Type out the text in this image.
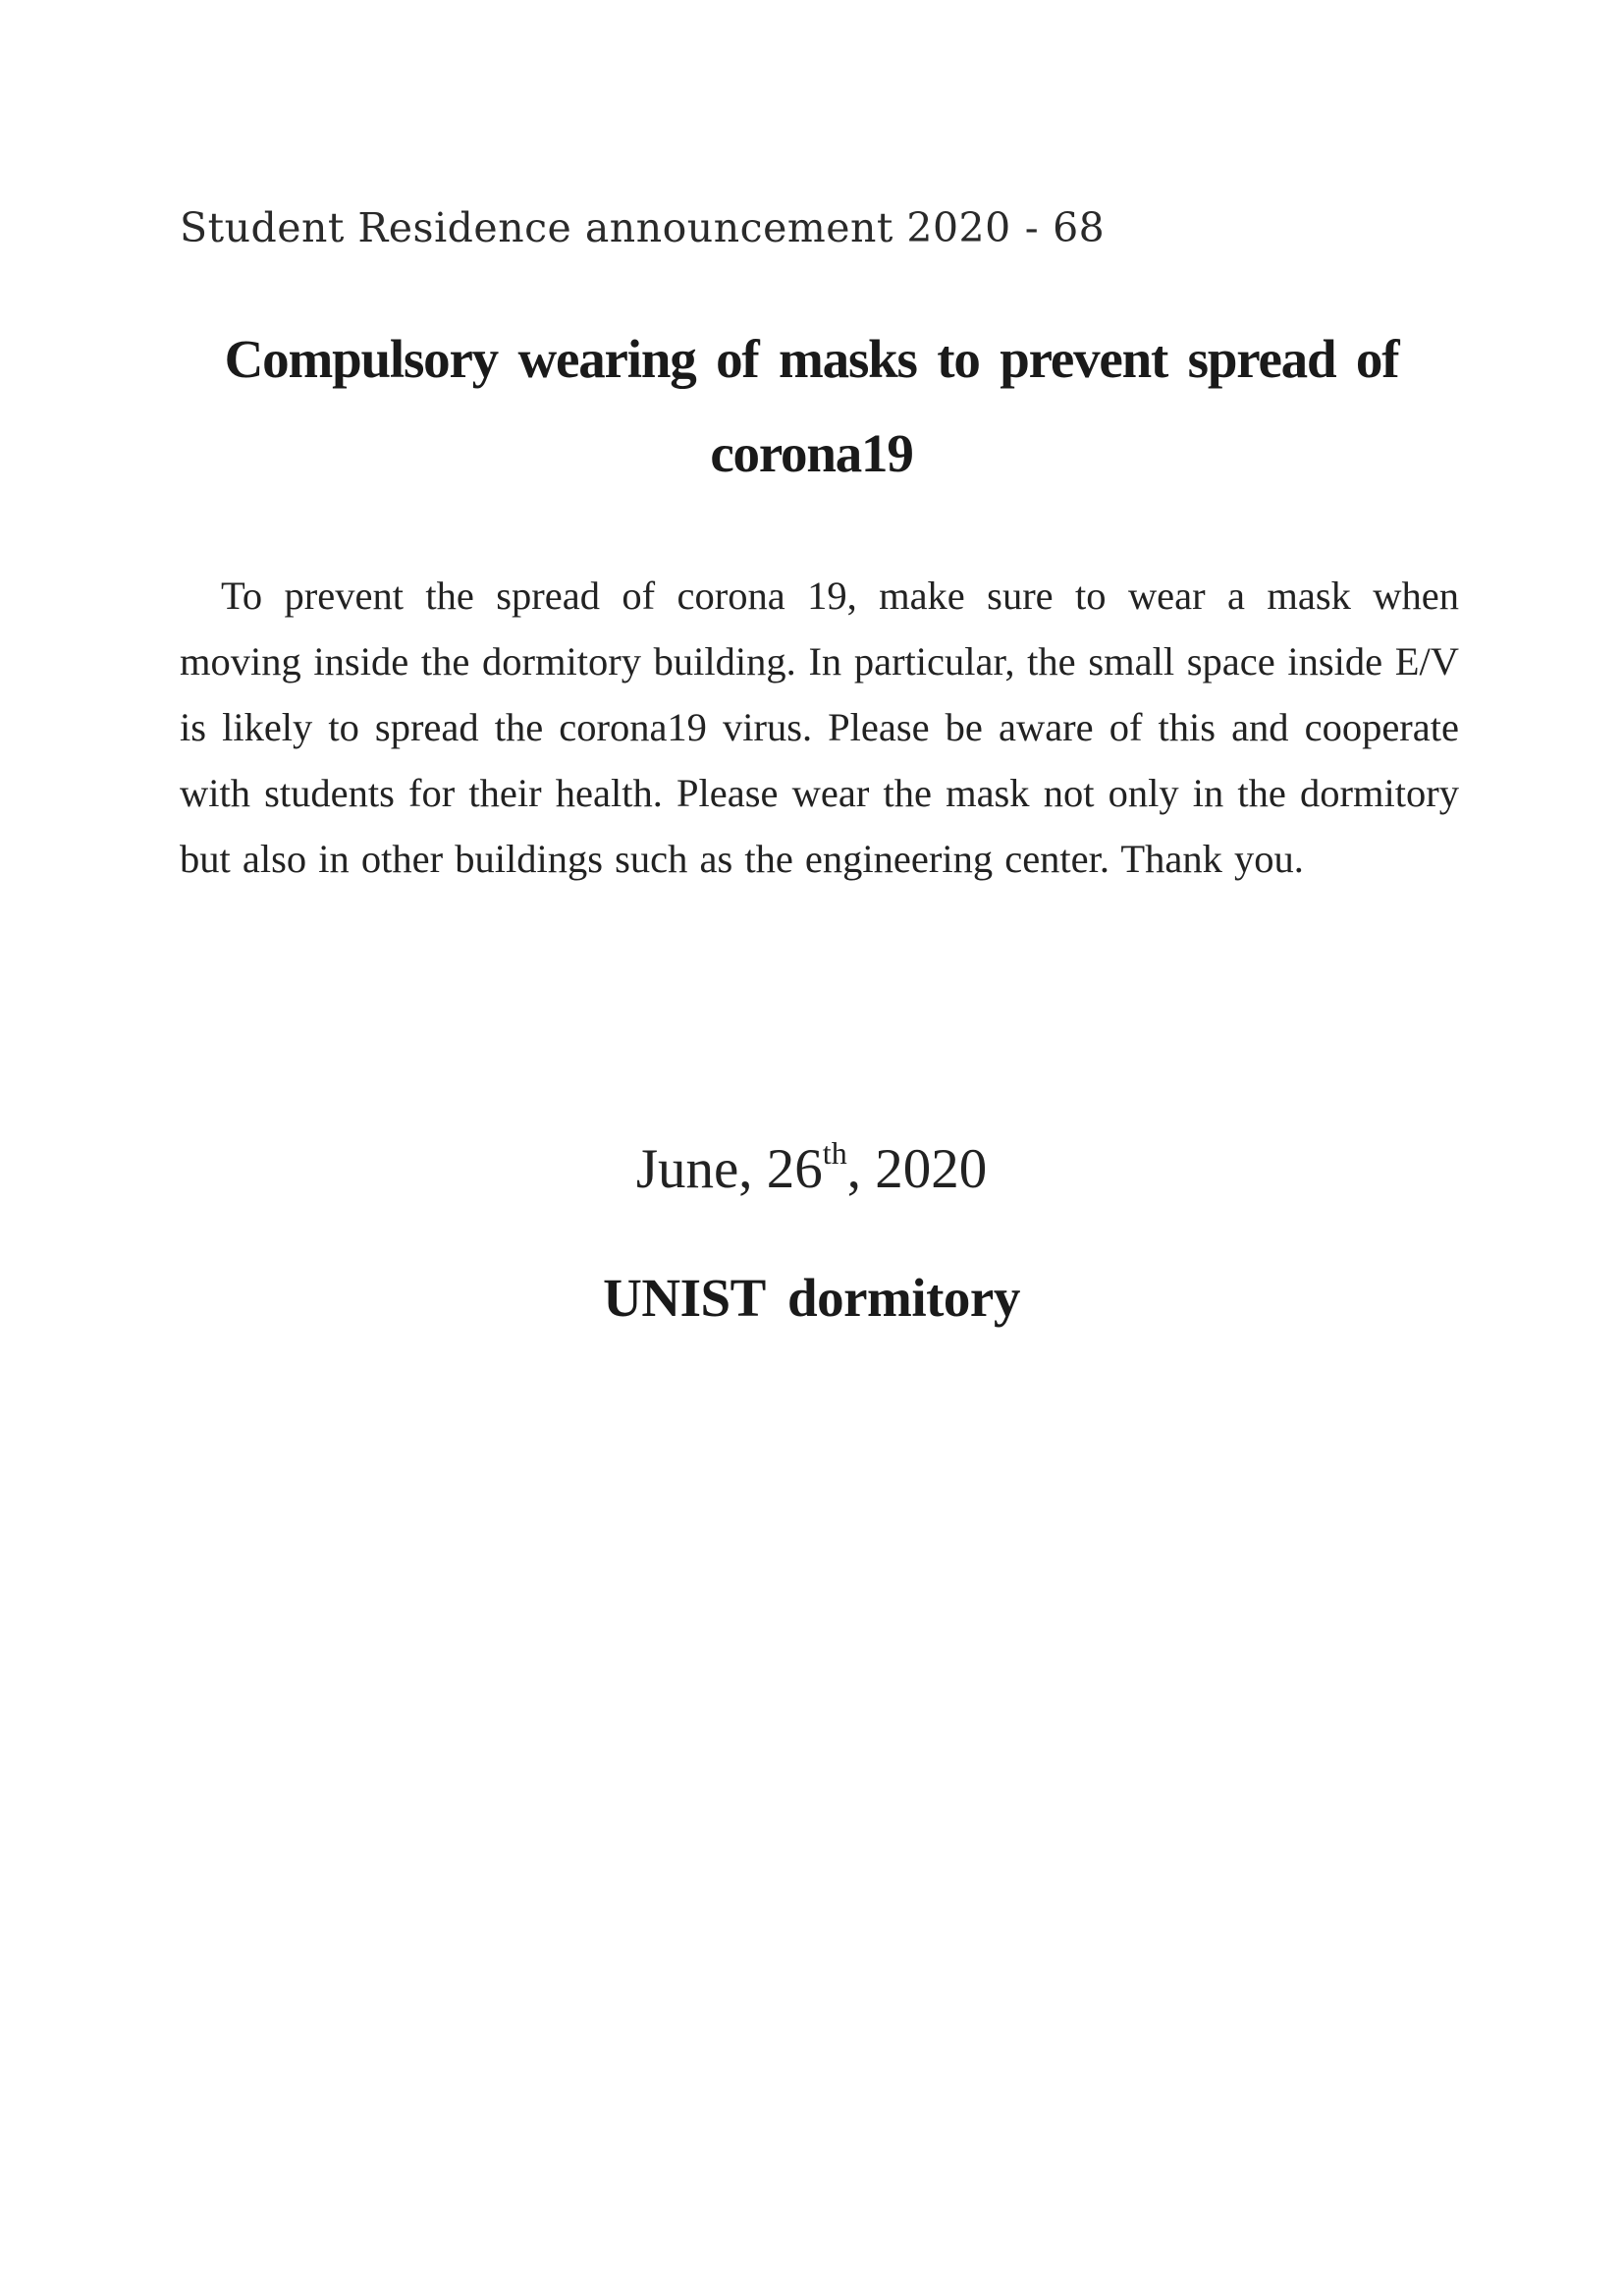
Student Residence announcement 2020 - 68

Compulsory wearing of masks to prevent spread of corona19

To prevent the spread of corona 19, make sure to wear a mask when moving inside the dormitory building. In particular, the small space inside E/V is likely to spread the corona19 virus. Please be aware of this and cooperate with students for their health. Please wear the mask not only in the dormitory but also in other buildings such as the engineering center. Thank you.

June, 26th, 2020

UNIST dormitory
